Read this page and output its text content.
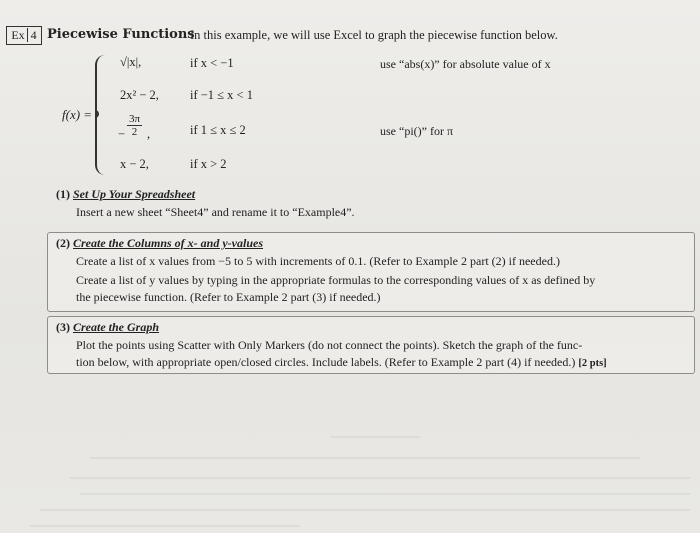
Ex 4 Piecewise Functions
In this example, we will use Excel to graph the piecewise function below.
f(x) =
√|x|,	if x < −1	use “abs(x)” for absolute value of x
2x² − 2, if −1 ≤ x < 1
− $\frac{3\pi}{2}$ ,	if 1 ≤ x ≤ 2	use “pi()” for π
x − 2,	if x > 2
(1) Set Up Your Spreadsheet
Insert a new sheet “Sheet4” and rename it to “Example4”.
(2) Create the Columns of x- and y-values
Create a list of x values from −5 to 5 with increments of 0.1. (Refer to Example 2 part (2) if needed.)
Create a list of y values by typing in the appropriate formulas to the corresponding values of x as defined by
the piecewise function. (Refer to Example 2 part (3) if needed.)
(3) Create the Graph
Plot the points using Scatter with Only Markers (do not connect the points). Sketch the graph of the func-
tion below, with appropriate open/closed circles. Include labels. (Refer to Example 2 part (4) if needed.) [2 pts]
